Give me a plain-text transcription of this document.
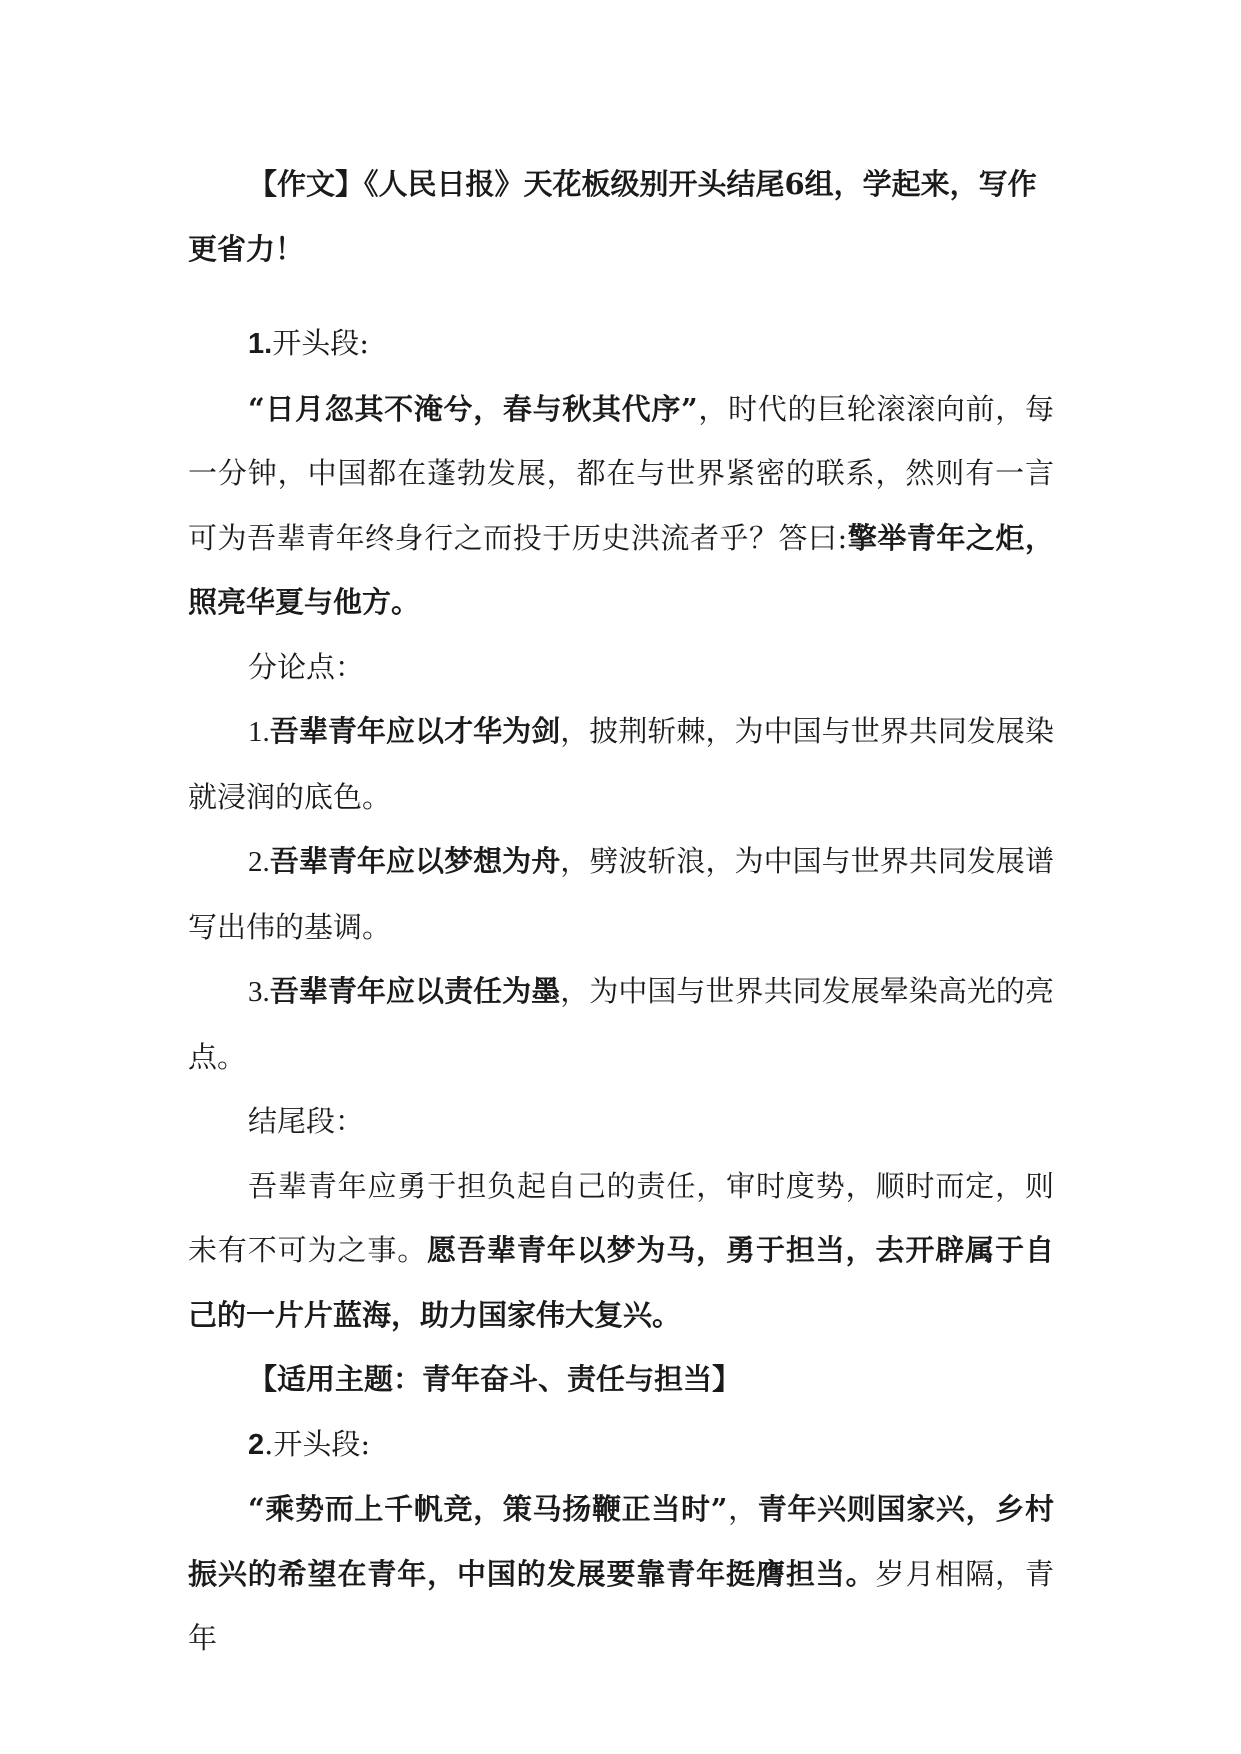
【作文】《人民日报》天花板级别开头结尾6组，学起来，写作更省力！

1.开头段:

“日月忽其不淹兮，春与秋其代序”，时代的巨轮滚滚向前，每一分钟，中国都在蓬勃发展，都在与世界紧密的联系，然则有一言可为吾辈青年终身行之而投于历史洪流者乎？答曰:擎举青年之炬，照亮华夏与他方。

分论点：

1.吾辈青年应以才华为剑，披荆斩棘，为中国与世界共同发展染就浸润的底色。

2.吾辈青年应以梦想为舟，劈波斩浪，为中国与世界共同发展谱写出伟的基调。

3.吾辈青年应以责任为墨，为中国与世界共同发展晕染高光的亮点。

结尾段：

吾辈青年应勇于担负起自己的责任，审时度势，顺时而定，则未有不可为之事。愿吾辈青年以梦为马，勇于担当，去开辟属于自己的一片片蓝海，助力国家伟大复兴。

【适用主题：青年奋斗、责任与担当】

2.开头段:

“乘势而上千帆竞，策马扬鞭正当时”，青年兴则国家兴，乡村振兴的希望在青年，中国的发展要靠青年挺膺担当。岁月相隔，青年
